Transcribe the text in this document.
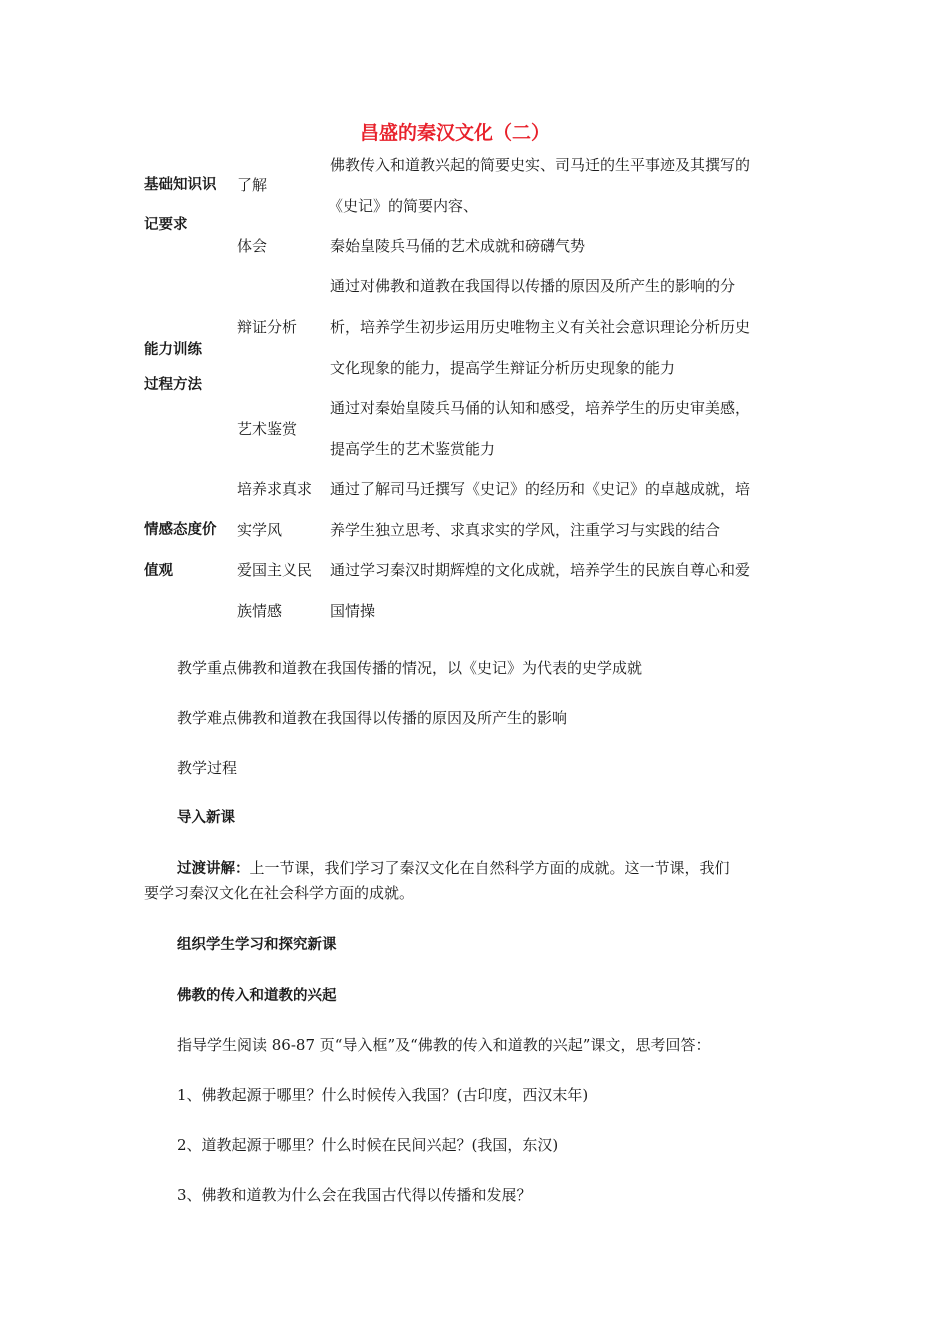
昌盛的秦汉文化（二）
基础知识识
记要求
了解
佛教传入和道教兴起的简要史实、司马迁的生平事迹及其撰写的
《史记》的简要内容、
体会	秦始皇陵兵马俑的艺术成就和磅礴气势
能力训练
过程方法
辩证分析
通过对佛教和道教在我国得以传播的原因及所产生的影响的分
析，培养学生初步运用历史唯物主义有关社会意识理论分析历史
文化现象的能力，提高学生辩证分析历史现象的能力
艺术鉴赏
通过对秦始皇陵兵马俑的认知和感受，培养学生的历史审美感，
提高学生的艺术鉴赏能力
情感态度价
值观
培养求真求
实学风
通过了解司马迁撰写《史记》的经历和《史记》的卓越成就，培
养学生独立思考、求真求实的学风，注重学习与实践的结合
爱国主义民
族情感
通过学习秦汉时期辉煌的文化成就，培养学生的民族自尊心和爱
国情操
教学重点佛教和道教在我国传播的情况，以《史记》为代表的史学成就
教学难点佛教和道教在我国得以传播的原因及所产生的影响
教学过程
导入新课
过渡讲解：上一节课，我们学习了秦汉文化在自然科学方面的成就。这一节课，我们
要学习秦汉文化在社会科学方面的成就。
组织学生学习和探究新课
佛教的传入和道教的兴起
指导学生阅读 86-87 页“导入框”及“佛教的传入和道教的兴起”课文，思考回答：
1、佛教起源于哪里？什么时候传入我国？(古印度，西汉末年)
2、道教起源于哪里？什么时候在民间兴起？(我国，东汉)
3、佛教和道教为什么会在我国古代得以传播和发展？
